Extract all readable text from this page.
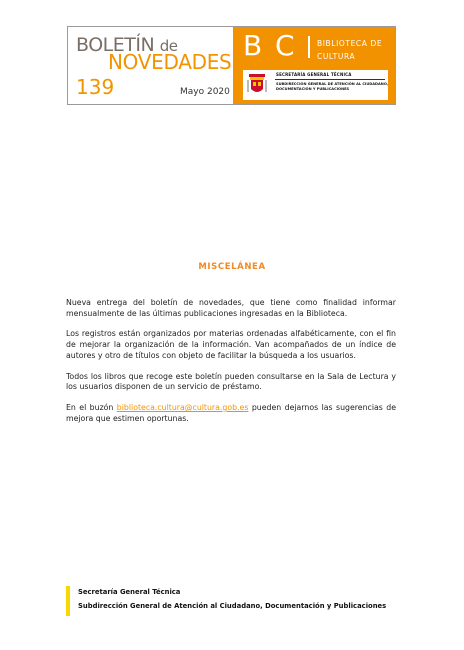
BOLETÍN de
NOVEDADES
139	Mayo 2020
B C	BIBLIOTECA DE
CULTURA
SECRETARÍA GENERAL TÉCNICA
SUBDIRECCIÓN GENERAL DE ATENCIÓN AL CIUDADANO,
DOCUMENTACIÓN Y PUBLICACIONES
MISCELÁNEA

Nueva entrega del boletín de novedades, que tiene como finalidad informar mensualmente de las últimas publicaciones ingresadas en la Biblioteca.

Los registros están organizados por materias ordenadas alfabéticamente, con el fin de mejorar la organización de la información. Van acompañados de un índice de autores y otro de títulos con objeto de facilitar la búsqueda a los usuarios.

Todos los libros que recoge este boletín pueden consultarse en la Sala de Lectura y los usuarios disponen de un servicio de préstamo.

En el buzón biblioteca.cultura@cultura.gob.es pueden dejarnos las sugerencias de mejora que estimen oportunas.

Secretaría General Técnica
Subdirección General de Atención al Ciudadano, Documentación y Publicaciones
